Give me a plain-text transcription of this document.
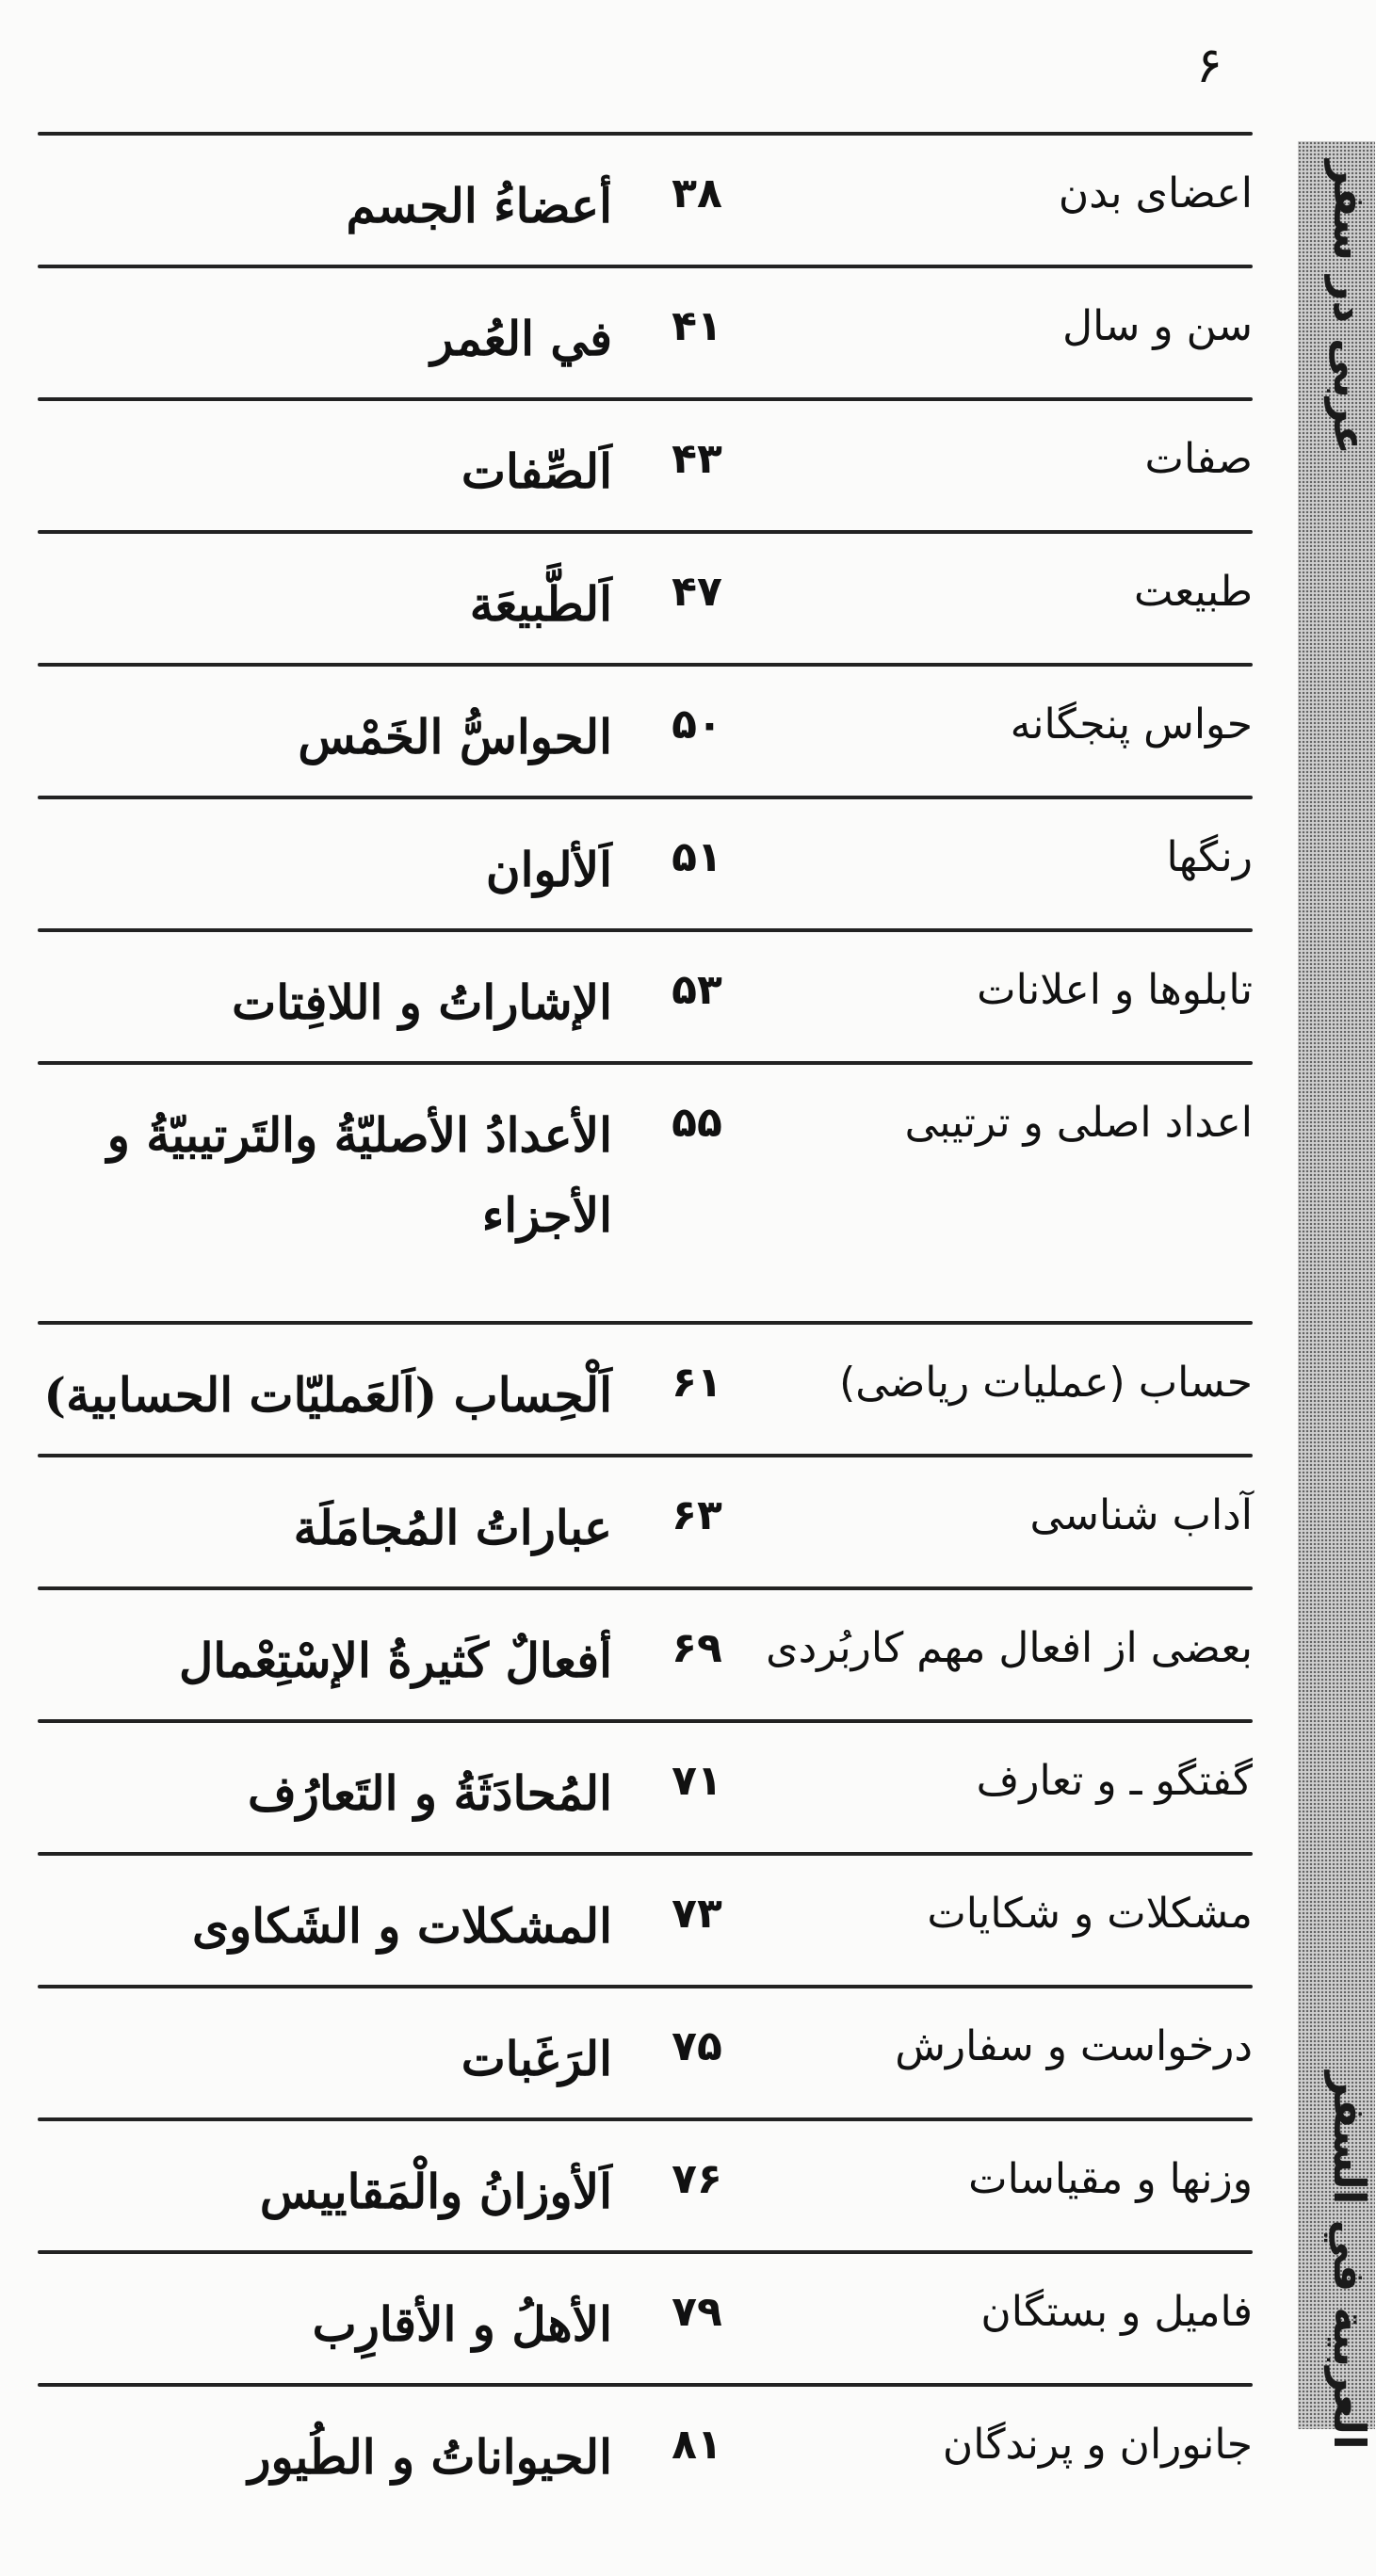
۶
عربی در سفر
العربية في السفر
اعضای بدن
۳۸
أعضاءُ الجسم
سن و سال
۴۱
في العُمر
صفات
۴۳
اَلصِّفات
طبیعت
۴۷
اَلطَّبیعَة
حواس پنجگانه
۵۰
الحواسُّ الخَمْس
رنگها
۵۱
اَلألوان
تابلوها و اعلانات
۵۳
الإشاراتُ و اللافِتات
اعداد اصلی و ترتیبی
۵۵
الأعدادُ الأصليّةُ والتَرتيبيّةُ و الأجزاء
حساب (عملیات ریاضی)
۶۱
اَلْحِساب (اَلعَمليّات الحسابية)
آداب شناسی
۶۳
عباراتُ المُجامَلَة
بعضی از افعال مهم کاربُردی
۶۹
أفعالٌ كَثيرةُ الإسْتِعْمال
گفتگو ـ و تعارف
۷۱
المُحادَثَةُ و التَعارُف
مشکلات و شکایات
۷۳
المشكلات و الشَكاوى
درخواست و سفارش
۷۵
الرَغَبات
وزنها و مقیاسات
۷۶
اَلأوزانُ والْمَقاييس
فامیل و بستگان
۷۹
الأهلُ و الأقارِب
جانوران و پرندگان
۸۱
الحيواناتُ و الطُيور
